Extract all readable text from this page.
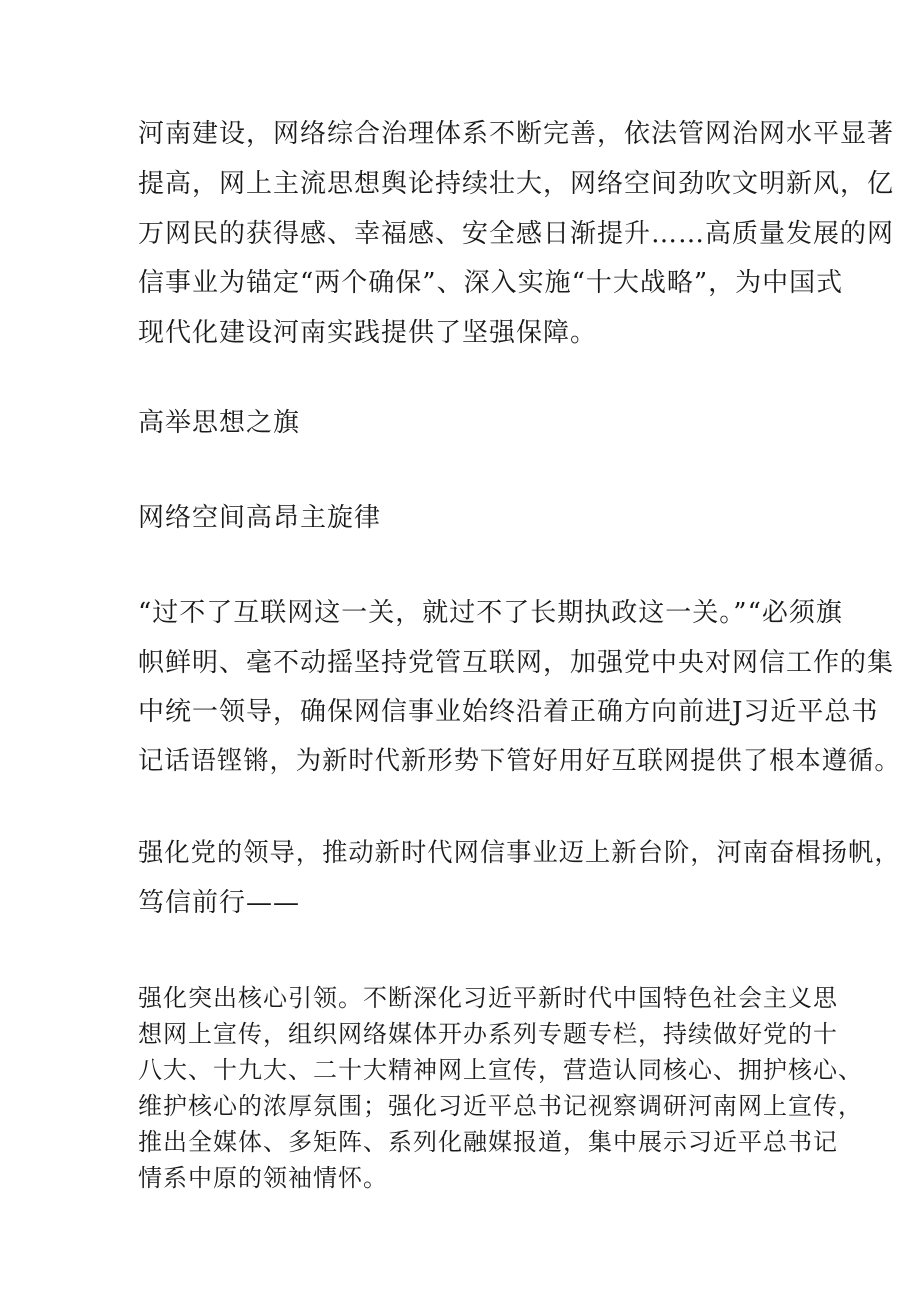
河南建设，网络综合治理体系不断完善，依法管网治网水平显著
提高，网上主流思想舆论持续壮大，网络空间劲吹文明新风，亿
万网民的获得感、幸福感、安全感日渐提升……高质量发展的网
信事业为锚定“两个确保”、深入实施“十大战略”，为中国式
现代化建设河南实践提供了坚强保障。
高举思想之旗
网络空间高昂主旋律
“过不了互联网这一关，就过不了长期执政这一关。”“必须旗
帜鲜明、毫不动摇坚持党管互联网，加强党中央对网信工作的集
中统一领导，确保网信事业始终沿着正确方向前进J习近平总书
记话语铿锵，为新时代新形势下管好用好互联网提供了根本遵循。
强化党的领导，推动新时代网信事业迈上新台阶，河南奋楫扬帆，
笃信前行——
强化突出核心引领。不断深化习近平新时代中国特色社会主义思
想网上宣传，组织网络媒体开办系列专题专栏，持续做好党的十
八大、十九大、二十大精神网上宣传，营造认同核心、拥护核心、
维护核心的浓厚氛围；强化习近平总书记视察调研河南网上宣传，
推出全媒体、多矩阵、系列化融媒报道，集中展示习近平总书记
情系中原的领袖情怀。
